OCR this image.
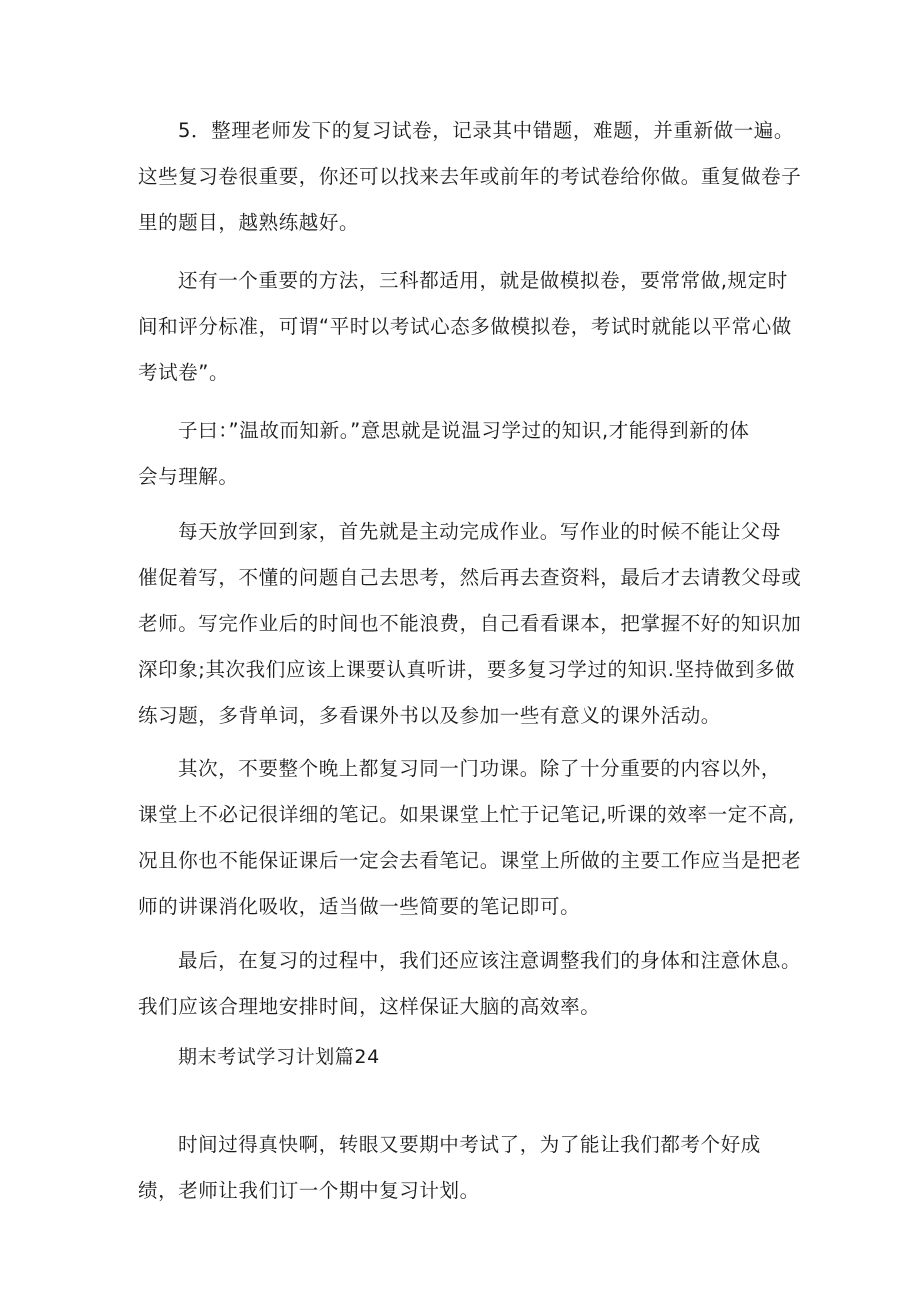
5．整理老师发下的复习试卷，记录其中错题，难题，并重新做一遍。
这些复习卷很重要，你还可以找来去年或前年的考试卷给你做。重复做卷子
里的题目，越熟练越好。

还有一个重要的方法，三科都适用，就是做模拟卷，要常常做,规定时
间和评分标准，可谓“平时以考试心态多做模拟卷，考试时就能以平常心做
考试卷”。

子曰：”温故而知新。”意思就是说温习学过的知识,才能得到新的体
会与理解。

每天放学回到家，首先就是主动完成作业。写作业的时候不能让父母
催促着写，不懂的问题自己去思考，然后再去查资料，最后才去请教父母或
老师。写完作业后的时间也不能浪费，自己看看课本，把掌握不好的知识加
深印象;其次我们应该上课要认真听讲，要多复习学过的知识.坚持做到多做
练习题，多背单词，多看课外书以及参加一些有意义的课外活动。

其次，不要整个晚上都复习同一门功课。除了十分重要的内容以外，
课堂上不必记很详细的笔记。如果课堂上忙于记笔记,听课的效率一定不高,
况且你也不能保证课后一定会去看笔记。课堂上所做的主要工作应当是把老
师的讲课消化吸收，适当做一些简要的笔记即可。

最后，在复习的过程中，我们还应该注意调整我们的身体和注意休息。
我们应该合理地安排时间，这样保证大脑的高效率。

期末考试学习计划篇24

时间过得真快啊，转眼又要期中考试了，为了能让我们都考个好成
绩，老师让我们订一个期中复习计划。
